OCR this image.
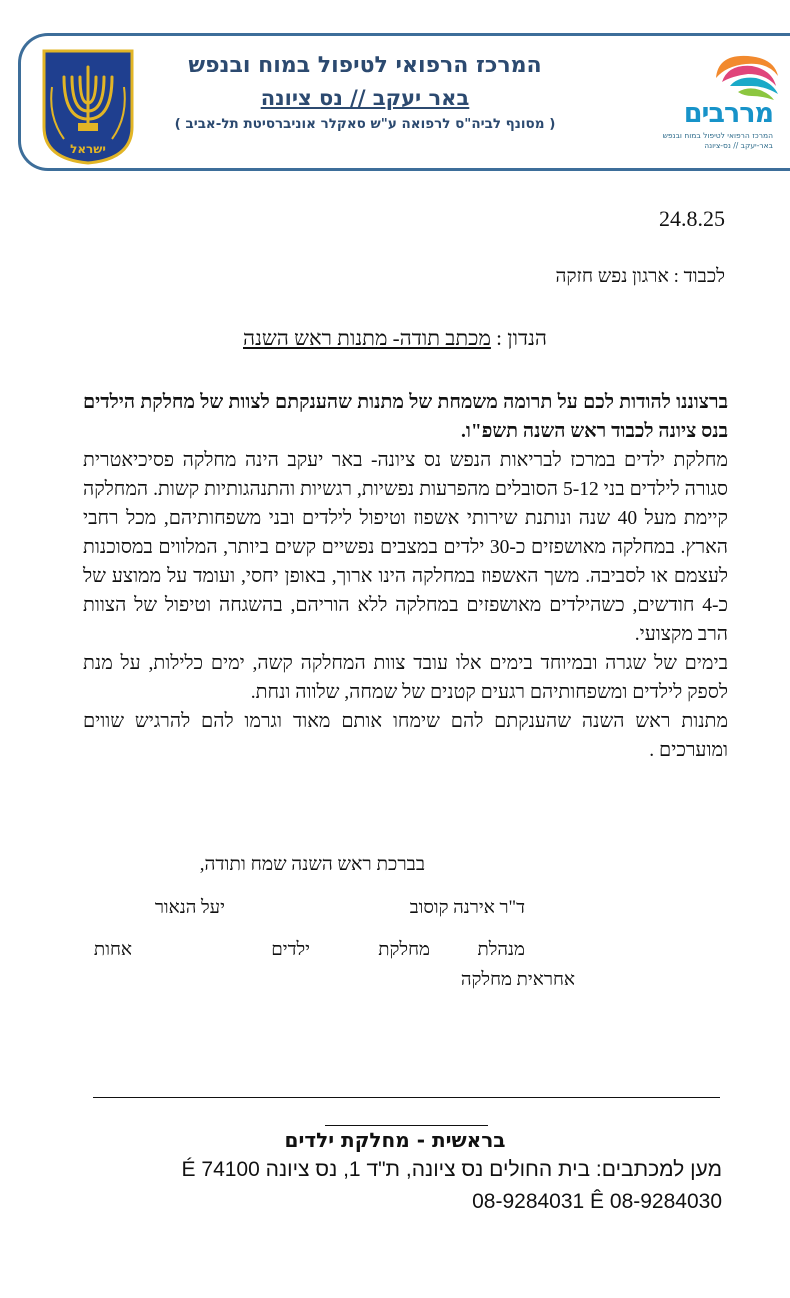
ישראל
המרכז הרפואי לטיפול במוח ובנפש
באר יעקב // נס ציונה
( מסונף לביה"ס לרפואה ע"ש סאקלר אוניברסיטת תל-אביב )	מררבים
המרכז הרפואי לטיפול במוח ובנפש
באר-יעקב // נס-ציונה
24.8.25
לכבוד : ארגון נפש חזקה
הנדון : מכתב תודה- מתנות ראש השנה
ברצוננו להודות לכם על תרומה משמחת של מתנות שהענקתם לצוות של מחלקת הילדים בנס ציונה לכבוד ראש השנה תשפ"ו.
מחלקת ילדים במרכז לבריאות הנפש נס ציונה- באר יעקב הינה מחלקה פסיכיאטרית סגורה לילדים בני 5-12 הסובלים מהפרעות נפשיות, רגשיות והתנהגותיות קשות. המחלקה קיימת מעל 40 שנה ונותנת שירותי אשפוז וטיפול לילדים ובני משפחותיהם, מכל רחבי הארץ. במחלקה מאושפזים כ-30 ילדים במצבים נפשיים קשים ביותר, המלווים במסוכנות לעצמם או לסביבה. משך האשפוז במחלקה הינו ארוך, באופן יחסי, ועומד על ממוצע של כ-4 חודשים, כשהילדים מאושפזים במחלקה ללא הוריהם, בהשגחה וטיפול של הצוות הרב מקצועי.
בימים של שגרה ובמיוחד בימים אלו עובד צוות המחלקה קשה, ימים כלילות, על מנת לספק לילדים ומשפחותיהם רגעים קטנים של שמחה, שלווה ונחת.
מתנות ראש השנה שהענקתם להם שימחו אותם מאוד וגרמו להם להרגיש שווים ומוערכים .
בברכת ראש השנה שמח ותודה,
ד"ר אירנה קוסוב
יעל הנאור
מנהלת
מחלקת
ילדים
אחות
אחראית מחלקה
בראשית - מחלקת ילדים
מען למכתבים: בית החולים נס ציונה, ת"ד 1, נס ציונה 74100 É
08-9284031 Ê 08-9284030
